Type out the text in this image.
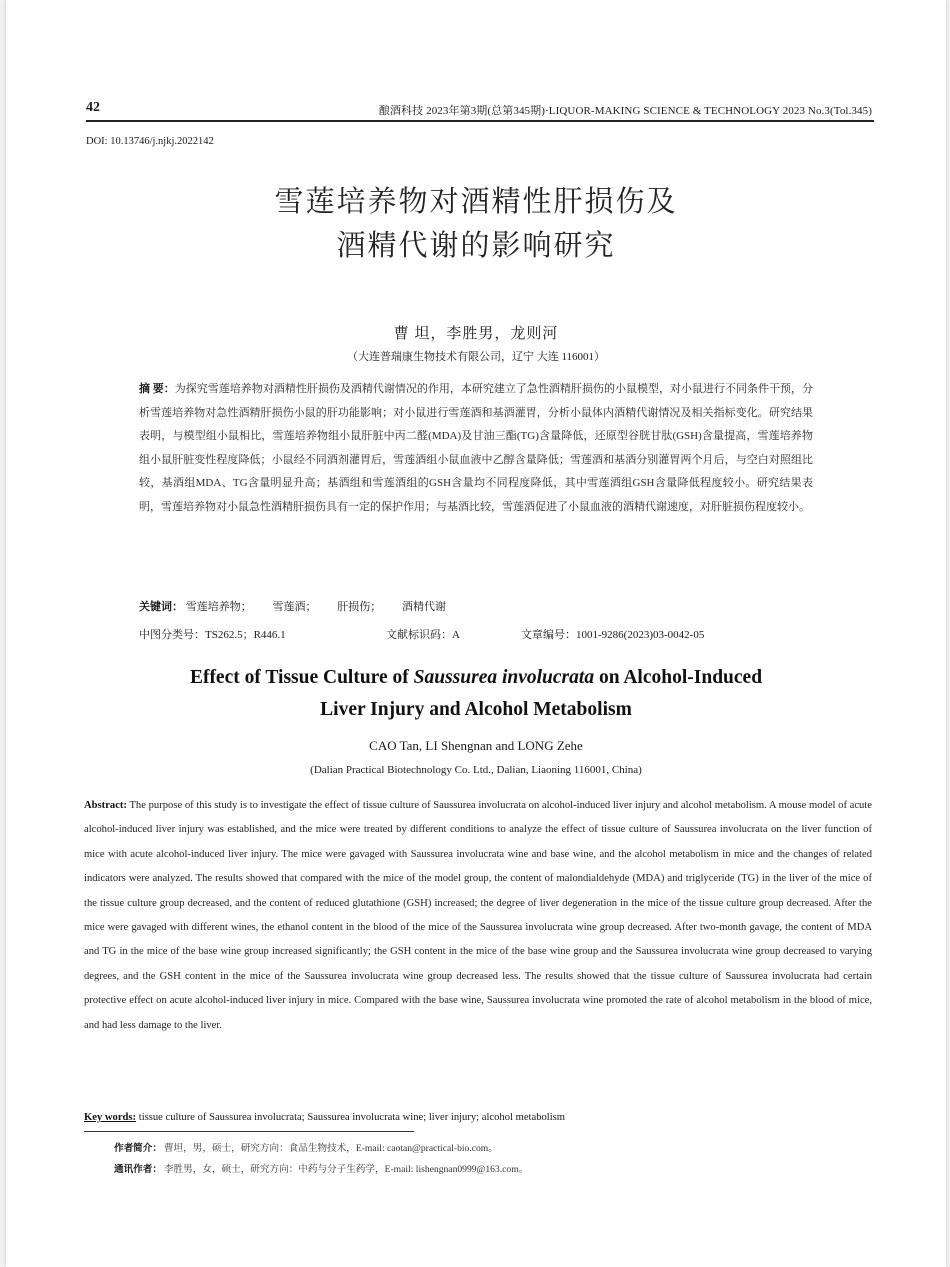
42	酿酒科技 2023年第3期(总第345期)·LIQUOR-MAKING SCIENCE & TECHNOLOGY 2023 No.3(Tol.345)
DOI: 10.13746/j.njkj.2022142
雪莲培养物对酒精性肝损伤及
酒精代谢的影响研究
曹 坦，李胜男，龙则河
（大连普瑞康生物技术有限公司，辽宁 大连 116001）
摘 要：为探究雪莲培养物对酒精性肝损伤及酒精代谢情况的作用，本研究建立了急性酒精肝损伤的小鼠模型，对小鼠进行不同条件干预，分析雪莲培养物对急性酒精肝损伤小鼠的肝功能影响；对小鼠进行雪莲酒和基酒灌胃，分析小鼠体内酒精代谢情况及相关指标变化。研究结果表明，与模型组小鼠相比，雪莲培养物组小鼠肝脏中丙二醛(MDA)及甘油三酯(TG)含量降低，还原型谷胱甘肽(GSH)含量提高，雪莲培养物组小鼠肝脏变性程度降低；小鼠经不同酒剂灌胃后，雪莲酒组小鼠血液中乙醇含量降低；雪莲酒和基酒分别灌胃两个月后，与空白对照组比较，基酒组MDA、TG含量明显升高；基酒组和雪莲酒组的GSH含量均不同程度降低，其中雪莲酒组GSH含量降低程度较小。研究结果表明，雪莲培养物对小鼠急性酒精肝损伤具有一定的保护作用；与基酒比较，雪莲酒促进了小鼠血液的酒精代谢速度，对肝脏损伤程度较小。
关键词： 雪莲培养物； 雪莲酒； 肝损伤； 酒精代谢
中图分类号：TS262.5；R446.1	文献标识码：A	文章编号：1001-9286(2023)03-0042-05
Effect of Tissue Culture of Saussurea involucrata on Alcohol-Induced
Liver Injury and Alcohol Metabolism
CAO Tan, LI Shengnan and LONG Zehe
(Dalian Practical Biotechnology Co. Ltd., Dalian, Liaoning 116001, China)
Abstract: The purpose of this study is to investigate the effect of tissue culture of Saussurea involucrata on alcohol-induced liver injury and alcohol metabolism. A mouse model of acute alcohol-induced liver injury was established, and the mice were treated by different conditions to analyze the effect of tissue culture of Saussurea involucrata on the liver function of mice with acute alcohol-induced liver injury. The mice were gavaged with Saussurea involucrata wine and base wine, and the alcohol metabolism in mice and the changes of related indicators were analyzed. The results showed that compared with the mice of the model group, the content of malondialdehyde (MDA) and triglyceride (TG) in the liver of the mice of the tissue culture group decreased, and the content of reduced glutathione (GSH) increased; the degree of liver degeneration in the mice of the tissue culture group decreased. After the mice were gavaged with different wines, the ethanol content in the blood of the mice of the Saussurea involucrata wine group decreased. After two-month gavage, the content of MDA and TG in the mice of the base wine group increased significantly; the GSH content in the mice of the base wine group and the Saussurea involucrata wine group decreased to varying degrees, and the GSH content in the mice of the Saussurea involucrata wine group decreased less. The results showed that the tissue culture of Saussurea involucrata had certain protective effect on acute alcohol-induced liver injury in mice. Compared with the base wine, Saussurea involucrata wine promoted the rate of alcohol metabolism in the blood of mice, and had less damage to the liver.
Key words: tissue culture of Saussurea involucrata; Saussurea involucrata wine; liver injury; alcohol metabolism
作者简介： 曹坦，男，硕士，研究方向：食品生物技术，E-mail: caotan@practical-bio.com。
通讯作者： 李胜男，女，硕士，研究方向：中药与分子生药学，E-mail: lishengnan0999@163.com。
